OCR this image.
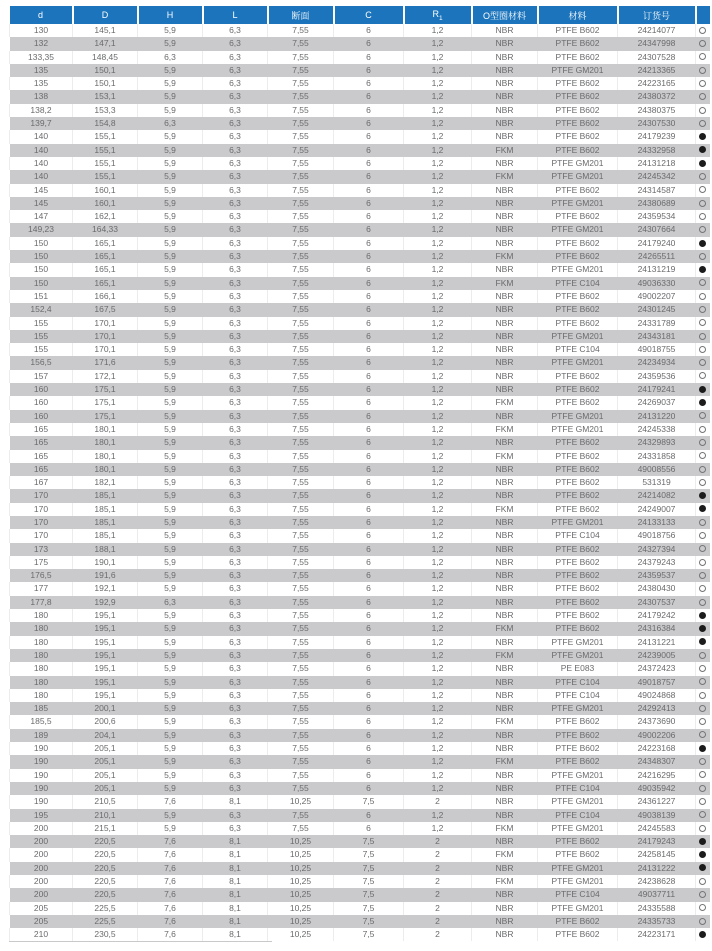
d	D	H	L	断面	C	$R_1$	O型圈材料	材料	订货号	
130	145,1	5,9	6,3	7,55	6	1,2	NBR	PTFE B602	24214077	
132	147,1	5,9	6,3	7,55	6	1,2	NBR	PTFE B602	24347998	
133,35	148,45	6,3	6,3	7,55	6	1,2	NBR	PTFE B602	24307528	
135	150,1	5,9	6,3	7,55	6	1,2	NBR	PTFE GM201	24213365	
135	150,1	5,9	6,3	7,55	6	1,2	NBR	PTFE B602	24223165	
138	153,1	5,9	6,3	7,55	6	1,2	NBR	PTFE B602	24380372	
138,2	153,3	5,9	6,3	7,55	6	1,2	NBR	PTFE B602	24380375	
139,7	154,8	6,3	6,3	7,55	6	1,2	NBR	PTFE B602	24307530	
140	155,1	5,9	6,3	7,55	6	1,2	NBR	PTFE B602	24179239	
140	155,1	5,9	6,3	7,55	6	1,2	FKM	PTFE B602	24332958	
140	155,1	5,9	6,3	7,55	6	1,2	NBR	PTFE GM201	24131218	
140	155,1	5,9	6,3	7,55	6	1,2	FKM	PTFE GM201	24245342	
145	160,1	5,9	6,3	7,55	6	1,2	NBR	PTFE B602	24314587	
145	160,1	5,9	6,3	7,55	6	1,2	NBR	PTFE GM201	24380689	
147	162,1	5,9	6,3	7,55	6	1,2	NBR	PTFE B602	24359534	
149,23	164,33	5,9	6,3	7,55	6	1,2	NBR	PTFE GM201	24307664	
150	165,1	5,9	6,3	7,55	6	1,2	NBR	PTFE B602	24179240	
150	165,1	5,9	6,3	7,55	6	1,2	FKM	PTFE B602	24265511	
150	165,1	5,9	6,3	7,55	6	1,2	NBR	PTFE GM201	24131219	
150	165,1	5,9	6,3	7,55	6	1,2	FKM	PTFE C104	49036330	
151	166,1	5,9	6,3	7,55	6	1,2	NBR	PTFE B602	49002207	
152,4	167,5	5,9	6,3	7,55	6	1,2	NBR	PTFE B602	24301245	
155	170,1	5,9	6,3	7,55	6	1,2	NBR	PTFE B602	24331789	
155	170,1	5,9	6,3	7,55	6	1,2	NBR	PTFE GM201	24343181	
155	170,1	5,9	6,3	7,55	6	1,2	NBR	PTFE C104	49018755	
156,5	171,6	5,9	6,3	7,55	6	1,2	NBR	PTFE GM201	24234934	
157	172,1	5,9	6,3	7,55	6	1,2	NBR	PTFE B602	24359536	
160	175,1	5,9	6,3	7,55	6	1,2	NBR	PTFE B602	24179241	
160	175,1	5,9	6,3	7,55	6	1,2	FKM	PTFE B602	24269037	
160	175,1	5,9	6,3	7,55	6	1,2	NBR	PTFE GM201	24131220	
165	180,1	5,9	6,3	7,55	6	1,2	FKM	PTFE GM201	24245338	
165	180,1	5,9	6,3	7,55	6	1,2	NBR	PTFE B602	24329893	
165	180,1	5,9	6,3	7,55	6	1,2	FKM	PTFE B602	24331858	
165	180,1	5,9	6,3	7,55	6	1,2	NBR	PTFE B602	49008556	
167	182,1	5,9	6,3	7,55	6	1,2	NBR	PTFE B602	531319	
170	185,1	5,9	6,3	7,55	6	1,2	NBR	PTFE B602	24214082	
170	185,1	5,9	6,3	7,55	6	1,2	FKM	PTFE B602	24249007	
170	185,1	5,9	6,3	7,55	6	1,2	NBR	PTFE GM201	24133133	
170	185,1	5,9	6,3	7,55	6	1,2	NBR	PTFE C104	49018756	
173	188,1	5,9	6,3	7,55	6	1,2	NBR	PTFE B602	24327394	
175	190,1	5,9	6,3	7,55	6	1,2	NBR	PTFE B602	24379243	
176,5	191,6	5,9	6,3	7,55	6	1,2	NBR	PTFE B602	24359537	
177	192,1	5,9	6,3	7,55	6	1,2	NBR	PTFE B602	24380430	
177,8	192,9	6,3	6,3	7,55	6	1,2	NBR	PTFE B602	24307537	
180	195,1	5,9	6,3	7,55	6	1,2	NBR	PTFE B602	24179242	
180	195,1	5,9	6,3	7,55	6	1,2	FKM	PTFE B602	24316384	
180	195,1	5,9	6,3	7,55	6	1,2	NBR	PTFE GM201	24131221	
180	195,1	5,9	6,3	7,55	6	1,2	FKM	PTFE GM201	24239005	
180	195,1	5,9	6,3	7,55	6	1,2	NBR	PE E083	24372423	
180	195,1	5,9	6,3	7,55	6	1,2	NBR	PTFE C104	49018757	
180	195,1	5,9	6,3	7,55	6	1,2	NBR	PTFE C104	49024868	
185	200,1	5,9	6,3	7,55	6	1,2	NBR	PTFE GM201	24292413	
185,5	200,6	5,9	6,3	7,55	6	1,2	FKM	PTFE B602	24373690	
189	204,1	5,9	6,3	7,55	6	1,2	NBR	PTFE B602	49002206	
190	205,1	5,9	6,3	7,55	6	1,2	NBR	PTFE B602	24223168	
190	205,1	5,9	6,3	7,55	6	1,2	FKM	PTFE B602	24348307	
190	205,1	5,9	6,3	7,55	6	1,2	NBR	PTFE GM201	24216295	
190	205,1	5,9	6,3	7,55	6	1,2	NBR	PTFE C104	49035942	
190	210,5	7,6	8,1	10,25	7,5	2	NBR	PTFE GM201	24361227	
195	210,1	5,9	6,3	7,55	6	1,2	NBR	PTFE C104	49038139	
200	215,1	5,9	6,3	7,55	6	1,2	FKM	PTFE GM201	24245583	
200	220,5	7,6	8,1	10,25	7,5	2	NBR	PTFE B602	24179243	
200	220,5	7,6	8,1	10,25	7,5	2	FKM	PTFE B602	24258145	
200	220,5	7,6	8,1	10,25	7,5	2	NBR	PTFE GM201	24131222	
200	220,5	7,6	8,1	10,25	7,5	2	FKM	PTFE GM201	24238628	
200	220,5	7,6	8,1	10,25	7,5	2	NBR	PTFE C104	49037711	
205	225,5	7,6	8,1	10,25	7,5	2	NBR	PTFE GM201	24335588	
205	225,5	7,6	8,1	10,25	7,5	2	NBR	PTFE B602	24335733	
210	230,5	7,6	8,1	10,25	7,5	2	NBR	PTFE B602	24223171	
